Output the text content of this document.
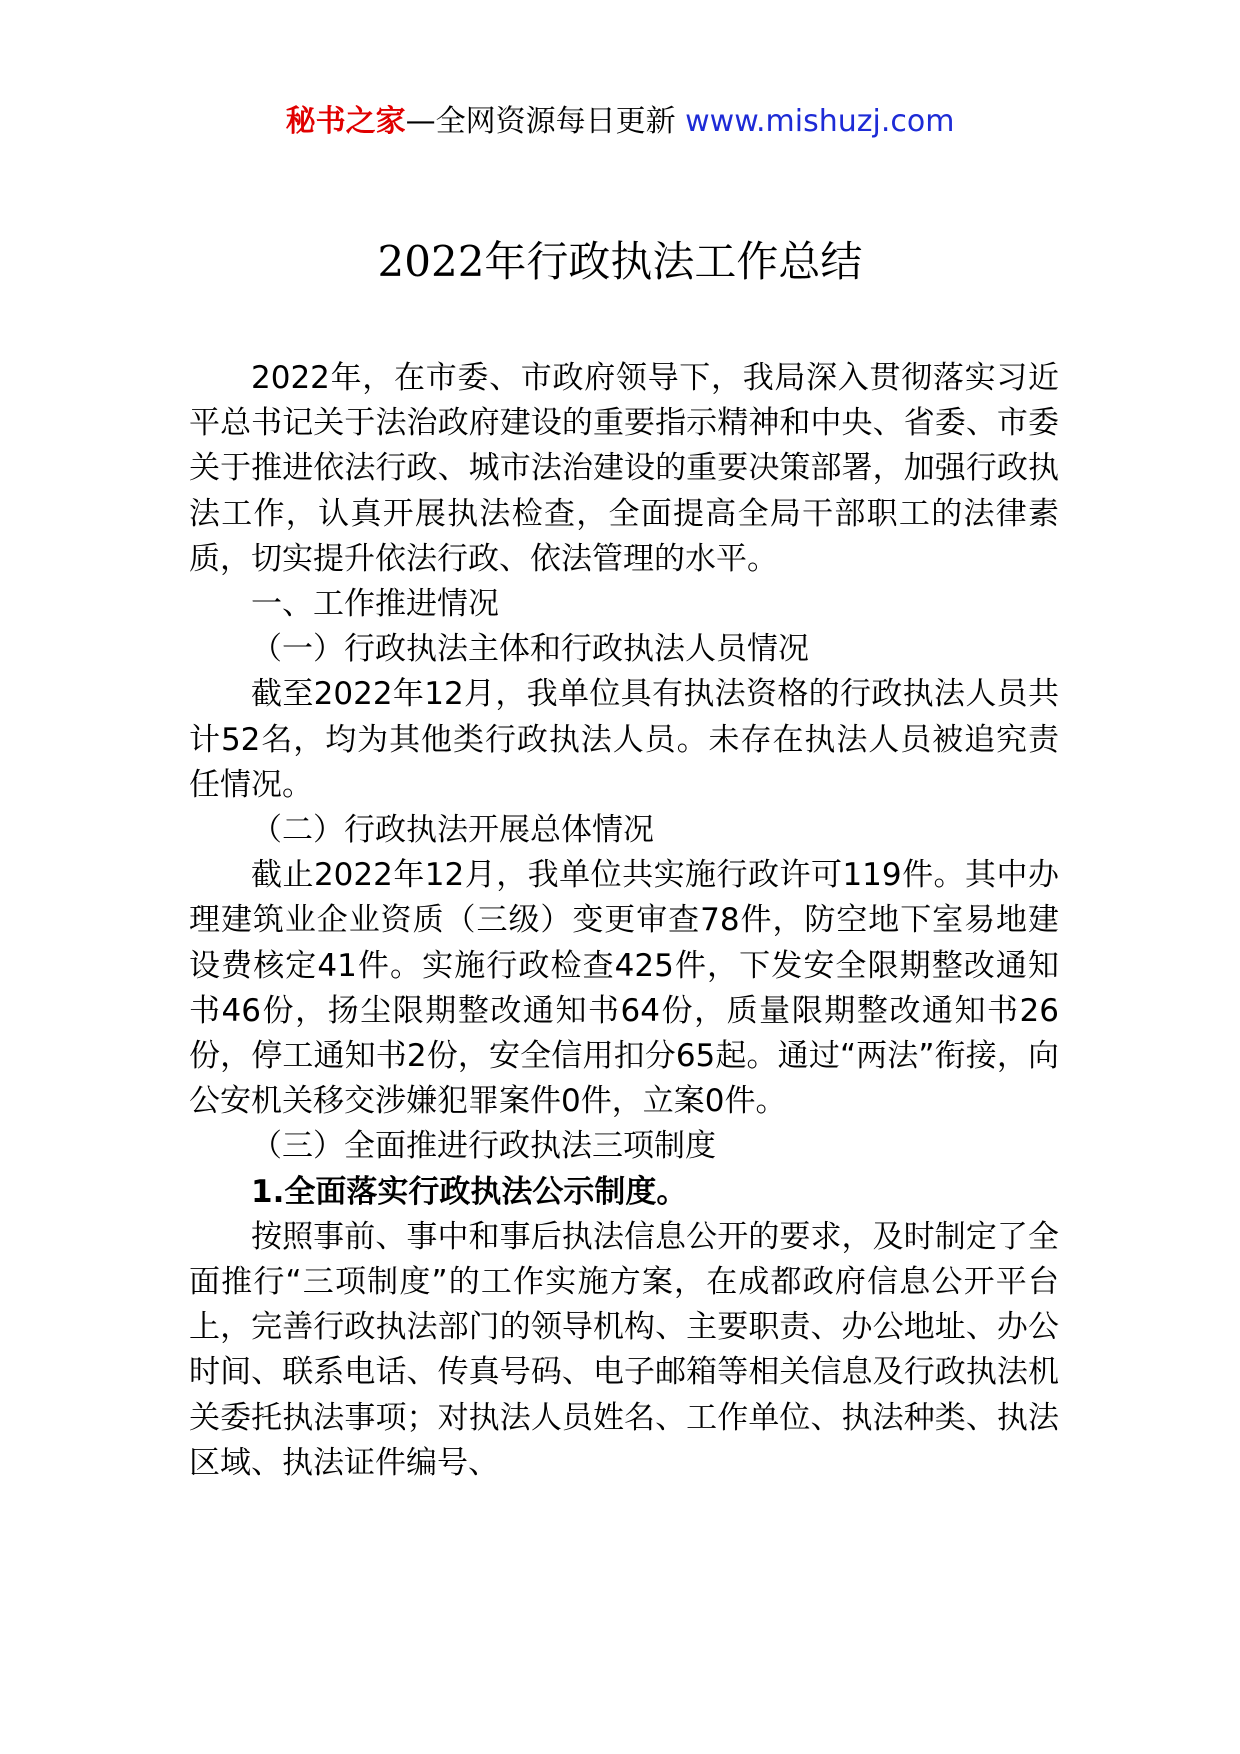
秘书之家—全网资源每日更新 www.mishuzj.com
2022年行政执法工作总结

2022年，在市委、市政府领导下，我局深入贯彻落实习近平总书记关于法治政府建设的重要指示精神和中央、省委、市委关于推进依法行政、城市法治建设的重要决策部署，加强行政执法工作，认真开展执法检查，全面提高全局干部职工的法律素质，切实提升依法行政、依法管理的水平。

一、工作推进情况

（一）行政执法主体和行政执法人员情况

截至2022年12月，我单位具有执法资格的行政执法人员共计52名，均为其他类行政执法人员。未存在执法人员被追究责任情况。

（二）行政执法开展总体情况

截止2022年12月，我单位共实施行政许可119件。其中办理建筑业企业资质（三级）变更审查78件，防空地下室易地建设费核定41件。实施行政检查425件，下发安全限期整改通知书46份，扬尘限期整改通知书64份，质量限期整改通知书26份，停工通知书2份，安全信用扣分65起。通过“两法”衔接，向公安机关移交涉嫌犯罪案件0件，立案0件。

（三）全面推进行政执法三项制度

1.全面落实行政执法公示制度。

按照事前、事中和事后执法信息公开的要求，及时制定了全面推行“三项制度”的工作实施方案，在成都政府信息公开平台上，完善行政执法部门的领导机构、主要职责、办公地址、办公时间、联系电话、传真号码、电子邮箱等相关信息及行政执法机关委托执法事项；对执法人员姓名、工作单位、执法种类、执法区域、执法证件编号、
